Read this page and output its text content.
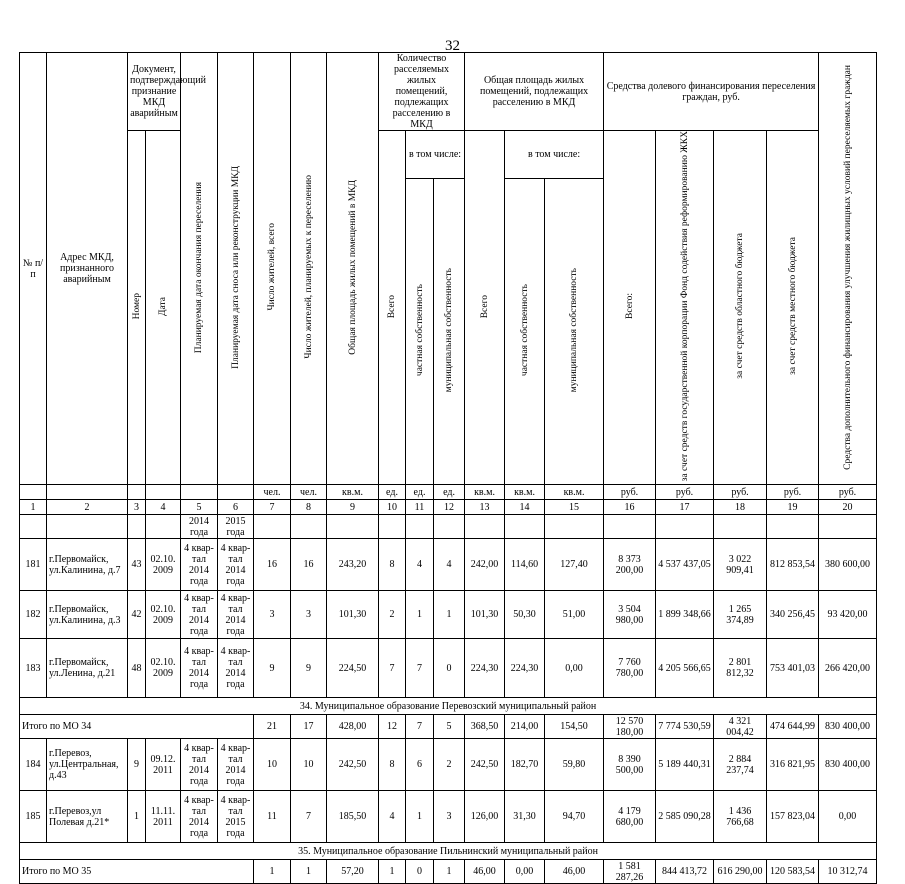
32
№ п/п	Адрес МКД, признанного аварийным	Документ, подтверждающий признание МКД аварийным		Планируемая дата окончания переселения	Планируемая дата сноса или реконструкции МКД	Число жителей, всего	Число жителей, планируемых к переселению	Общая площадь жилых помещений в МКД	Количество расселяемых жилых помещений, подлежащих расселению в МКД			Общая площадь жилых помещений, подлежащих расселению в МКД			Средства долевого финансирования переселения граждан, руб.				Средства дополнительного финансирования улучшения жилищных условий переселяемых граждан
		Номер	Дата						Всего	в том числе:		Всего	в том числе:		Всего:	за счет средств государственной корпорации Фонд содействия реформированию ЖКХ	за счет средств областного бюджета	за счет средств местного бюджета	
										частная собственность	муниципальная собственность		частная собственность	муниципальная собственность					
						чел.	чел.	кв.м.	ед.	ед.	ед.	кв.м.	кв.м.	кв.м.	руб.	руб.	руб.	руб.	руб.
1	2	3	4	5	6	7	8	9	10	11	12	13	14	15	16	17	18	19	20
				2014 года	2015 года														
181	г.Первомайск, ул.Калинина, д.7	43	02.10. 2009	4 квар-тал 2014 года	4 квар-тал 2014 года	16	16	243,20	8	4	4	242,00	114,60	127,40	8 373 200,00	4 537 437,05	3 022 909,41	812 853,54	380 600,00
182	г.Первомайск, ул.Калинина, д.3	42	02.10. 2009	4 квар-тал 2014 года	4 квар-тал 2014 года	3	3	101,30	2	1	1	101,30	50,30	51,00	3 504 980,00	1 899 348,66	1 265 374,89	340 256,45	93 420,00
183	г.Первомайск, ул.Ленина, д.21	48	02.10. 2009	4 квар-тал 2014 года	4 квар-тал 2014 года	9	9	224,50	7	7	0	224,30	224,30	0,00	7 760 780,00	4 205 566,65	2 801 812,32	753 401,03	266 420,00
34. Муниципальное образование Перевозский муниципальный район																			
Итого по МО 34						21	17	428,00	12	7	5	368,50	214,00	154,50	12 570 180,00	7 774 530,59	4 321 004,42	474 644,99	830 400,00
184	г.Перевоз, ул.Центральная, д.43	9	09.12. 2011	4 квар-тал 2014 года	4 квар-тал 2014 года	10	10	242,50	8	6	2	242,50	182,70	59,80	8 390 500,00	5 189 440,31	2 884 237,74	316 821,95	830 400,00
185	г.Перевоз,ул Полевая д.21*	1	11.11. 2011	4 квар-тал 2014 года	4 квар-тал 2015 года	11	7	185,50	4	1	3	126,00	31,30	94,70	4 179 680,00	2 585 090,28	1 436 766,68	157 823,04	0,00
35. Муниципальное образование Пильнинский муниципальный район																			
Итого по МО 35						1	1	57,20	1	0	1	46,00	0,00	46,00	1 581 287,26	844 413,72	616 290,00	120 583,54	10 312,74
